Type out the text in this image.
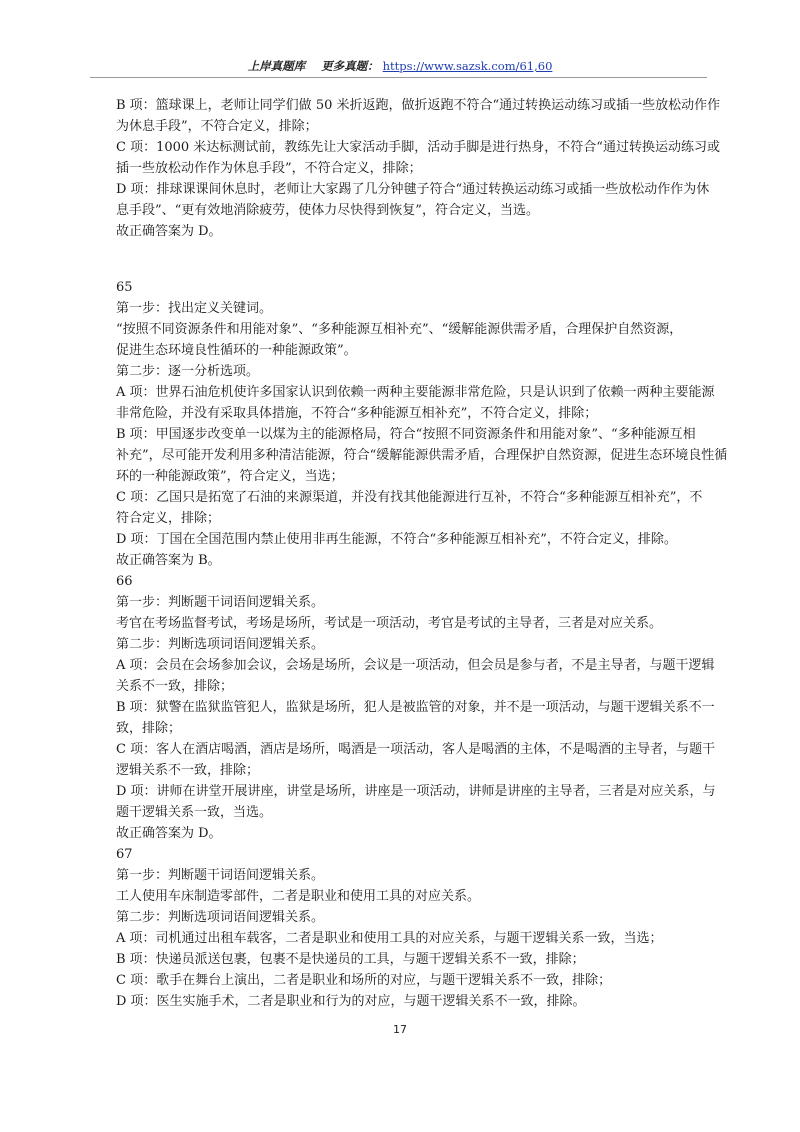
上岸真题库 更多真题： https://www.sazsk.com/61,60

B 项：篮球课上，老师让同学们做 50 米折返跑，做折返跑不符合“通过转换运动练习或插一些放松动作作

为休息手段”，不符合定义，排除；

C 项：1000 米达标测试前，教练先让大家活动手脚，活动手脚是进行热身，不符合“通过转换运动练习或

插一些放松动作作为休息手段”，不符合定义，排除；

D 项：排球课课间休息时，老师让大家踢了几分钟毽子符合“通过转换运动练习或插一些放松动作作为休

息手段”、“更有效地消除疲劳，使体力尽快得到恢复”，符合定义，当选。

故正确答案为 D。

65

第一步：找出定义关键词。

“按照不同资源条件和用能对象”、“多种能源互相补充”、“缓解能源供需矛盾，合理保护自然资源，

促进生态环境良性循环的一种能源政策”。

第二步：逐一分析选项。

A 项：世界石油危机使许多国家认识到依赖一两种主要能源非常危险，只是认识到了依赖一两种主要能源

非常危险，并没有采取具体措施，不符合“多种能源互相补充”，不符合定义，排除；

B 项：甲国逐步改变单一以煤为主的能源格局，符合“按照不同资源条件和用能对象”、“多种能源互相

补充”，尽可能开发利用多种清洁能源，符合“缓解能源供需矛盾，合理保护自然资源，促进生态环境良性循

环的一种能源政策”，符合定义，当选；

C 项：乙国只是拓宽了石油的来源渠道，并没有找其他能源进行互补，不符合“多种能源互相补充”，不

符合定义，排除；

D 项：丁国在全国范围内禁止使用非再生能源，不符合“多种能源互相补充”，不符合定义，排除。

故正确答案为 B。

66

第一步：判断题干词语间逻辑关系。

考官在考场监督考试，考场是场所，考试是一项活动，考官是考试的主导者，三者是对应关系。

第二步：判断选项词语间逻辑关系。

A 项：会员在会场参加会议，会场是场所，会议是一项活动，但会员是参与者，不是主导者，与题干逻辑

关系不一致，排除；

B 项：狱警在监狱监管犯人，监狱是场所，犯人是被监管的对象，并不是一项活动，与题干逻辑关系不一

致，排除；

C 项：客人在酒店喝酒，酒店是场所，喝酒是一项活动，客人是喝酒的主体，不是喝酒的主导者，与题干

逻辑关系不一致，排除；

D 项：讲师在讲堂开展讲座，讲堂是场所，讲座是一项活动，讲师是讲座的主导者，三者是对应关系，与

题干逻辑关系一致，当选。

故正确答案为 D。

67

第一步：判断题干词语间逻辑关系。

工人使用车床制造零部件，二者是职业和使用工具的对应关系。

第二步：判断选项词语间逻辑关系。

A 项：司机通过出租车载客，二者是职业和使用工具的对应关系，与题干逻辑关系一致，当选；

B 项：快递员派送包裹，包裹不是快递员的工具，与题干逻辑关系不一致，排除；

C 项：歌手在舞台上演出，二者是职业和场所的对应，与题干逻辑关系不一致，排除；

D 项：医生实施手术，二者是职业和行为的对应，与题干逻辑关系不一致，排除。

17
